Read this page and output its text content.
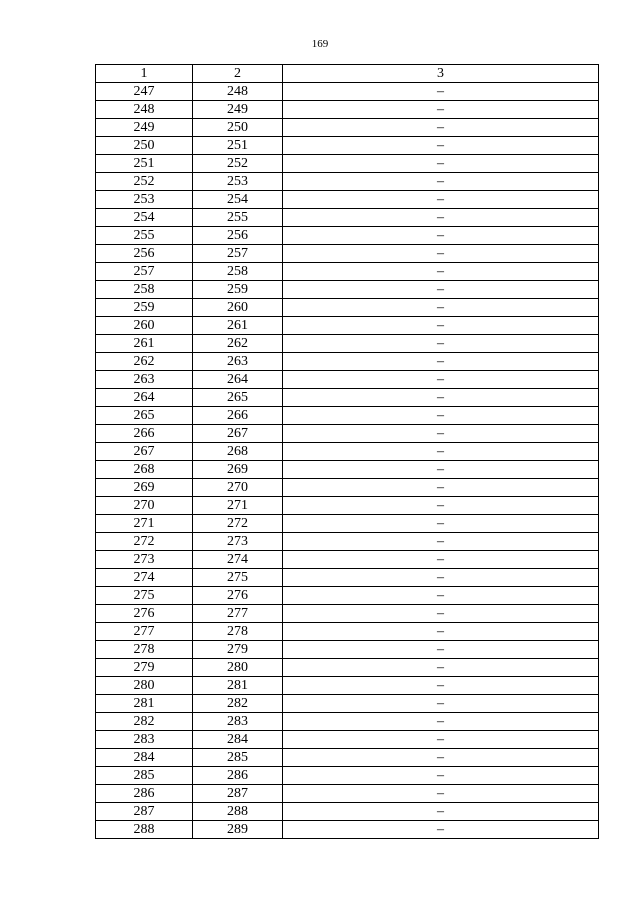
169
1	2	3
247	248	–
248	249	–
249	250	–
250	251	–
251	252	–
252	253	–
253	254	–
254	255	–
255	256	–
256	257	–
257	258	–
258	259	–
259	260	–
260	261	–
261	262	–
262	263	–
263	264	–
264	265	–
265	266	–
266	267	–
267	268	–
268	269	–
269	270	–
270	271	–
271	272	–
272	273	–
273	274	–
274	275	–
275	276	–
276	277	–
277	278	–
278	279	–
279	280	–
280	281	–
281	282	–
282	283	–
283	284	–
284	285	–
285	286	–
286	287	–
287	288	–
288	289	–
